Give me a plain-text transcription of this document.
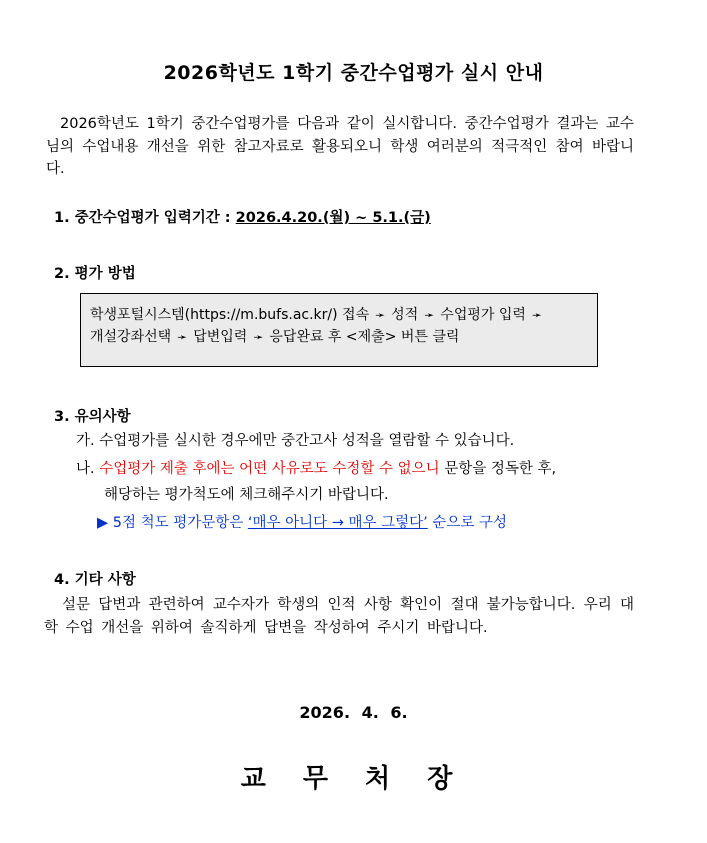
2026학년도 1학기 중간수업평가 실시 안내
2026학년도 1학기 중간수업평가를 다음과 같이 실시합니다. 중간수업평가 결과는 교수님의 수업내용 개선을 위한 참고자료로 활용되오니 학생 여러분의 적극적인 참여 바랍니다.
1. 중간수업평가 입력기간 : 2026.4.20.(월) ~ 5.1.(금)
2. 평가 방법
학생포털시스템(https://m.bufs.ac.kr/) 접속 ➛ 성적 ➛ 수업평가 입력 ➛
개설강좌선택 ➛ 답변입력 ➛ 응답완료 후 <제출> 버튼 클릭
3. 유의사항
가. 수업평가를 실시한 경우에만 중간고사 성적을 열람할 수 있습니다.
나. 수업평가 제출 후에는 어떤 사유로도 수정할 수 없으니 문항을 정독한 후,
해당하는 평가척도에 체크해주시기 바랍니다.
▶ 5점 척도 평가문항은 ‘매우 아니다 → 매우 그렇다’ 순으로 구성
4. 기타 사항
설문 답변과 관련하여 교수자가 학생의 인적 사항 확인이 절대 불가능합니다. 우리 대학 수업 개선을 위하여 솔직하게 답변을 작성하여 주시기 바랍니다.
2026. 4. 6.
교 무 처 장
